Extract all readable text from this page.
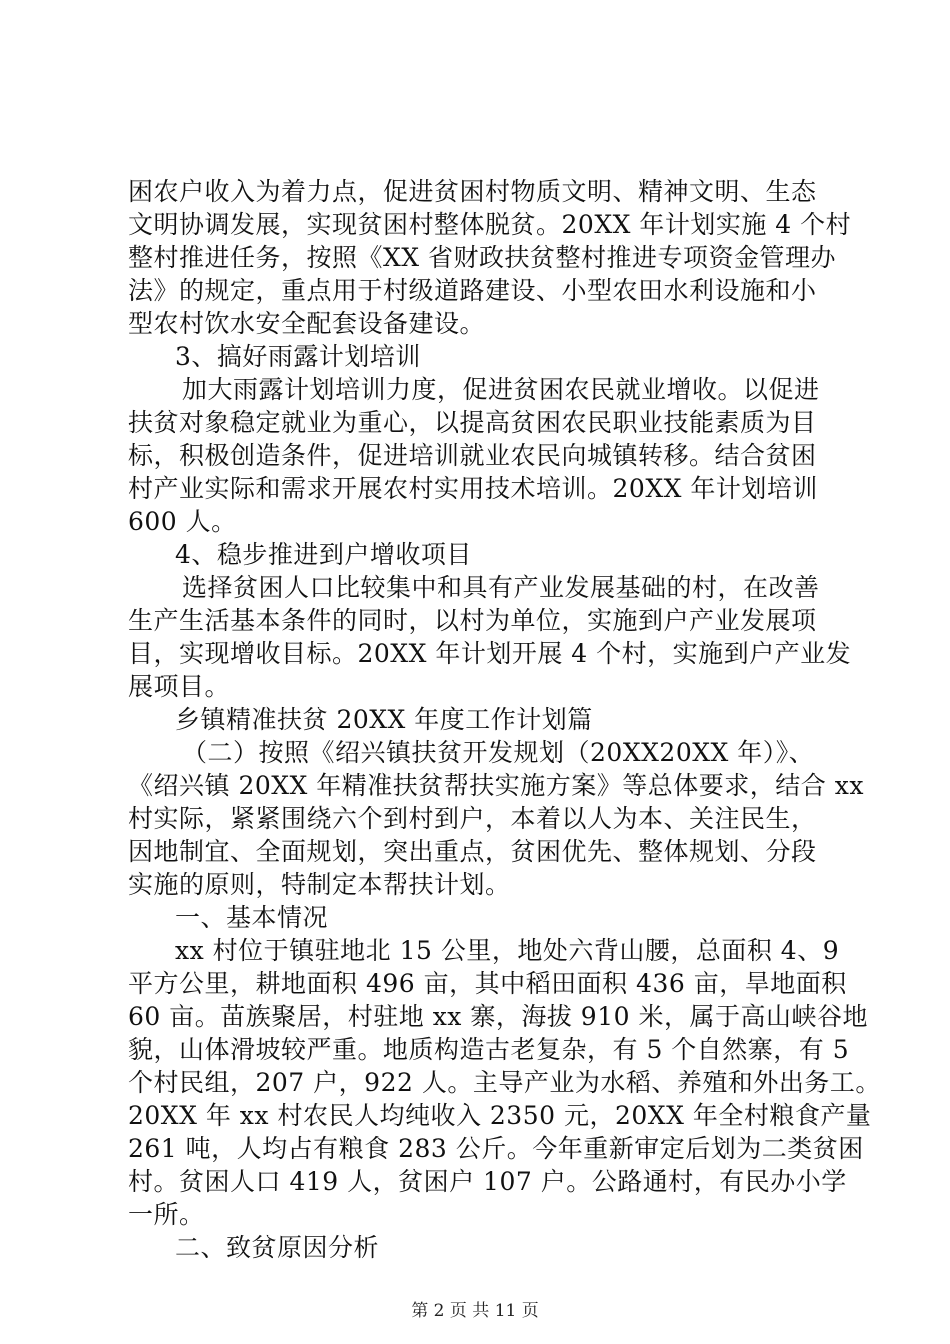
困农户收入为着力点，促进贫困村物质文明、精神文明、生态
文明协调发展，实现贫困村整体脱贫。20XX 年计划实施 4 个村
整村推进任务，按照《XX 省财政扶贫整村推进专项资金管理办
法》的规定，重点用于村级道路建设、小型农田水利设施和小
型农村饮水安全配套设备建设。
3、搞好雨露计划培训
加大雨露计划培训力度，促进贫困农民就业增收。以促进
扶贫对象稳定就业为重心，以提高贫困农民职业技能素质为目
标，积极创造条件，促进培训就业农民向城镇转移。结合贫困
村产业实际和需求开展农村实用技术培训。20XX 年计划培训
600 人。
4、稳步推进到户增收项目
选择贫困人口比较集中和具有产业发展基础的村，在改善
生产生活基本条件的同时，以村为单位，实施到户产业发展项
目，实现增收目标。20XX 年计划开展 4 个村，实施到户产业发
展项目。
乡镇精准扶贫 20XX 年度工作计划篇
（二）按照《绍兴镇扶贫开发规划（20XX20XX 年）》、
《绍兴镇 20XX 年精准扶贫帮扶实施方案》等总体要求，结合 xx
村实际，紧紧围绕六个到村到户，本着以人为本、关注民生，
因地制宜、全面规划，突出重点，贫困优先、整体规划、分段
实施的原则，特制定本帮扶计划。
一、基本情况
xx 村位于镇驻地北 15 公里，地处六背山腰，总面积 4、9
平方公里，耕地面积 496 亩，其中稻田面积 436 亩，旱地面积
60 亩。苗族聚居，村驻地 xx 寨，海拔 910 米，属于高山峡谷地
貌，山体滑坡较严重。地质构造古老复杂，有 5 个自然寨，有 5
个村民组，207 户，922 人。主导产业为水稻、养殖和外出务工。
20XX 年 xx 村农民人均纯收入 2350 元，20XX 年全村粮食产量
261 吨，人均占有粮食 283 公斤。今年重新审定后划为二类贫困
村。贫困人口 419 人，贫困户 107 户。公路通村，有民办小学
一所。
二、致贫原因分析
第 2 页 共 11 页
